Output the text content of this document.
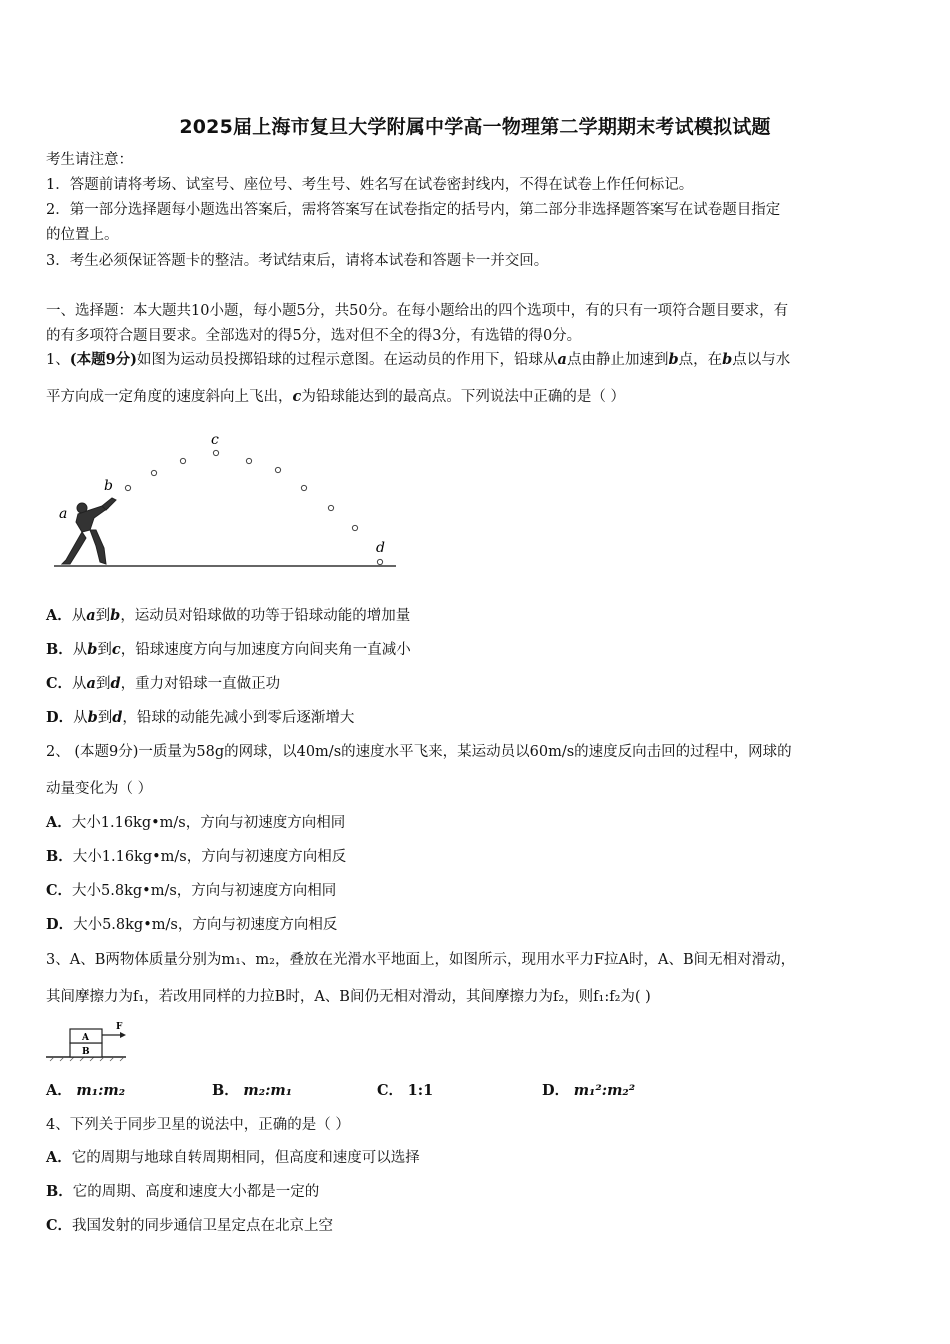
2025届上海市复旦大学附属中学高一物理第二学期期末考试模拟试题
考生请注意：
1．答题前请将考场、试室号、座位号、考生号、姓名写在试卷密封线内，不得在试卷上作任何标记。
2．第一部分选择题每小题选出答案后，需将答案写在试卷指定的括号内，第二部分非选择题答案写在试卷题目指定
的位置上。
3．考生必须保证答题卡的整洁。考试结束后，请将本试卷和答题卡一并交回。
一、选择题：本大题共10小题，每小题5分，共50分。在每小题给出的四个选项中，有的只有一项符合题目要求，有
的有多项符合题目要求。全部选对的得5分，选对但不全的得3分，有选错的得0分。
1、(本题9分)如图为运动员投掷铅球的过程示意图。在运动员的作用下，铅球从a点由静止加速到b点，在b点以与水
平方向成一定角度的速度斜向上飞出，c为铅球能达到的最高点。下列说法中正确的是（ ）
a
b
c
d
A．从a到b，运动员对铅球做的功等于铅球动能的增加量
B．从b到c，铅球速度方向与加速度方向间夹角一直减小
C．从a到d，重力对铅球一直做正功
D．从b到d，铅球的动能先减小到零后逐渐增大
2、 (本题9分)一质量为58g的网球，以40m/s的速度水平飞来，某运动员以60m/s的速度反向击回的过程中，网球的
动量变化为（ ）
A．大小1.16kg•m/s，方向与初速度方向相同
B．大小1.16kg•m/s，方向与初速度方向相反
C．大小5.8kg•m/s，方向与初速度方向相同
D．大小5.8kg•m/s，方向与初速度方向相反
3、A、B两物体质量分别为m₁、m₂，叠放在光滑水平地面上，如图所示，现用水平力F拉A时，A、B间无相对滑动，
其间摩擦力为f₁，若改用同样的力拉B时，A、B间仍无相对滑动，其间摩擦力为f₂，则f₁:f₂为( )
A
B
F
A． m₁:m₂	B． m₂:m₁	C． 1:1	D． m₁²:m₂²
4、下列关于同步卫星的说法中，正确的是（ ）
A．它的周期与地球自转周期相同，但高度和速度可以选择
B．它的周期、高度和速度大小都是一定的
C．我国发射的同步通信卫星定点在北京上空
